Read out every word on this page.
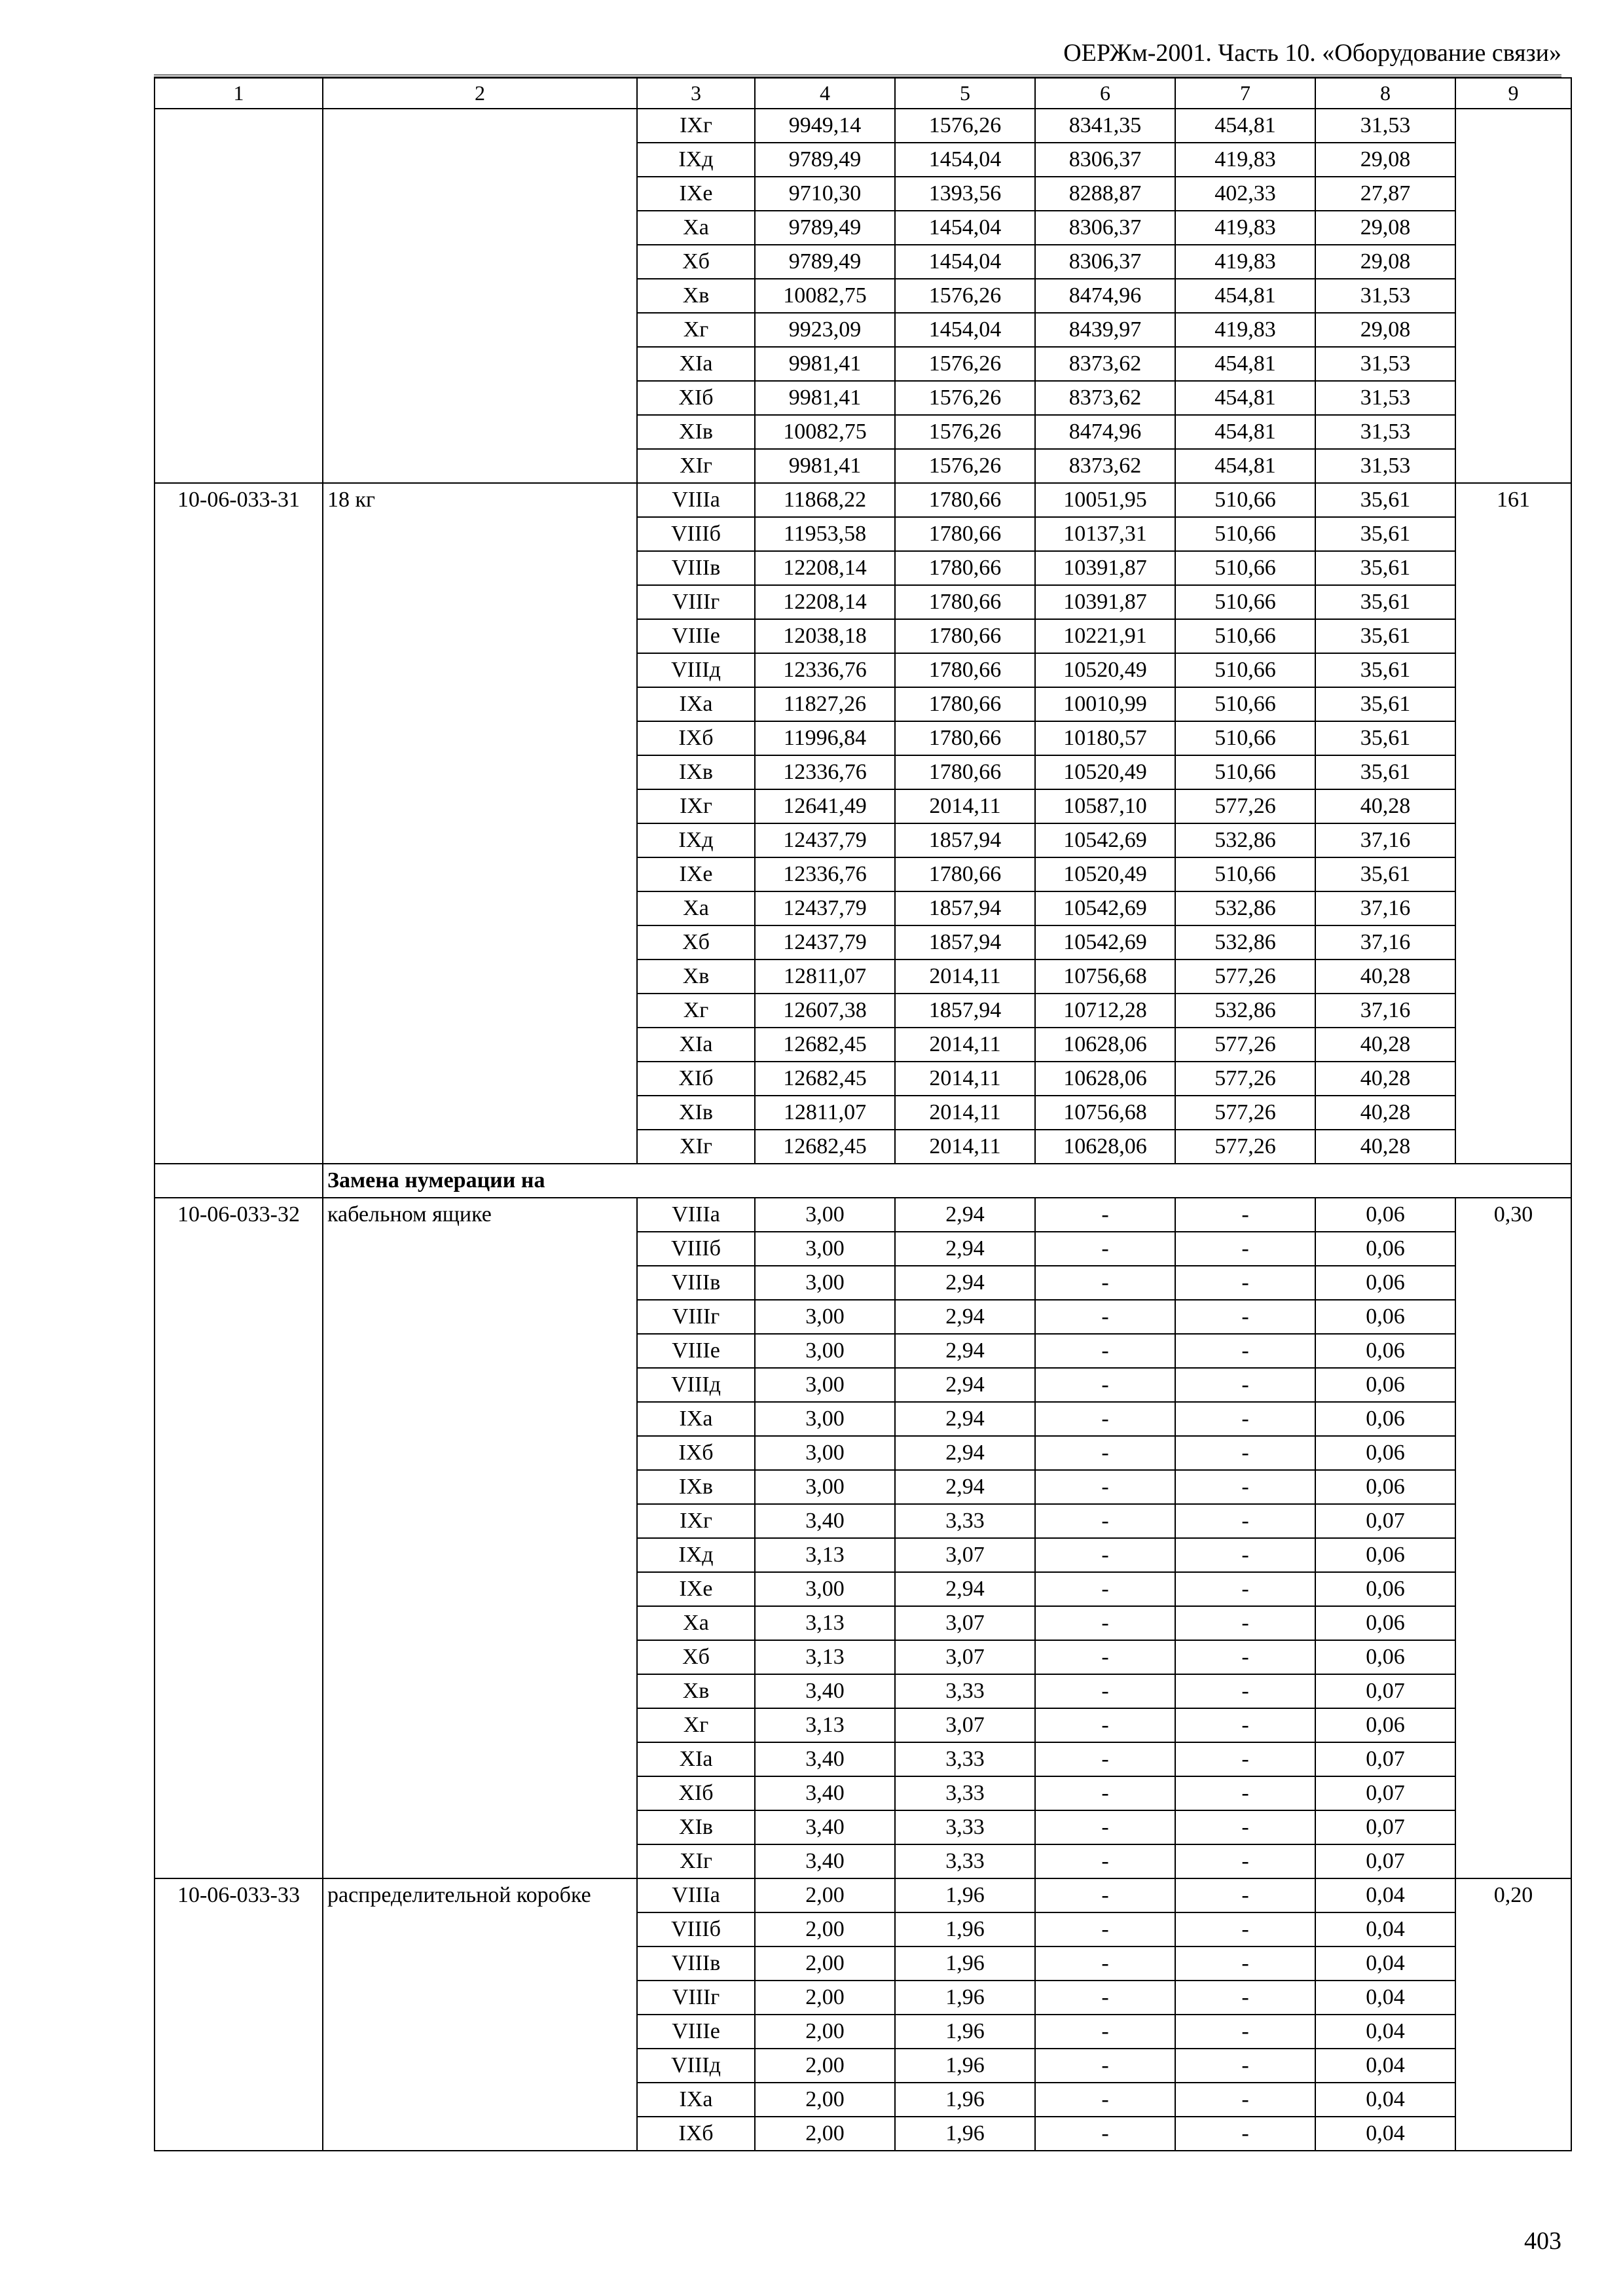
ОЕРЖм-2001. Часть 10. «Оборудование связи»
1	2	3	4	5	6	7	8	9
		IXг	9949,14	1576,26	8341,35	454,81	31,53	
		IXд	9789,49	1454,04	8306,37	419,83	29,08	
		IXе	9710,30	1393,56	8288,87	402,33	27,87	
		Xа	9789,49	1454,04	8306,37	419,83	29,08	
		Xб	9789,49	1454,04	8306,37	419,83	29,08	
		Xв	10082,75	1576,26	8474,96	454,81	31,53	
		Xг	9923,09	1454,04	8439,97	419,83	29,08	
		XIа	9981,41	1576,26	8373,62	454,81	31,53	
		XIб	9981,41	1576,26	8373,62	454,81	31,53	
		XIв	10082,75	1576,26	8474,96	454,81	31,53	
		XIг	9981,41	1576,26	8373,62	454,81	31,53	
10-06-033-31	18 кг	VIIIа	11868,22	1780,66	10051,95	510,66	35,61	161
		VIIIб	11953,58	1780,66	10137,31	510,66	35,61	
		VIIIв	12208,14	1780,66	10391,87	510,66	35,61	
		VIIIг	12208,14	1780,66	10391,87	510,66	35,61	
		VIIIе	12038,18	1780,66	10221,91	510,66	35,61	
		VIIIд	12336,76	1780,66	10520,49	510,66	35,61	
		IXа	11827,26	1780,66	10010,99	510,66	35,61	
		IXб	11996,84	1780,66	10180,57	510,66	35,61	
		IXв	12336,76	1780,66	10520,49	510,66	35,61	
		IXг	12641,49	2014,11	10587,10	577,26	40,28	
		IXд	12437,79	1857,94	10542,69	532,86	37,16	
		IXе	12336,76	1780,66	10520,49	510,66	35,61	
		Xа	12437,79	1857,94	10542,69	532,86	37,16	
		Xб	12437,79	1857,94	10542,69	532,86	37,16	
		Xв	12811,07	2014,11	10756,68	577,26	40,28	
		Xг	12607,38	1857,94	10712,28	532,86	37,16	
		XIа	12682,45	2014,11	10628,06	577,26	40,28	
		XIб	12682,45	2014,11	10628,06	577,26	40,28	
		XIв	12811,07	2014,11	10756,68	577,26	40,28	
		XIг	12682,45	2014,11	10628,06	577,26	40,28	
	Замена нумерации на							
10-06-033-32	кабельном ящике	VIIIа	3,00	2,94	-	-	0,06	0,30
		VIIIб	3,00	2,94	-	-	0,06	
		VIIIв	3,00	2,94	-	-	0,06	
		VIIIг	3,00	2,94	-	-	0,06	
		VIIIе	3,00	2,94	-	-	0,06	
		VIIIд	3,00	2,94	-	-	0,06	
		IXа	3,00	2,94	-	-	0,06	
		IXб	3,00	2,94	-	-	0,06	
		IXв	3,00	2,94	-	-	0,06	
		IXг	3,40	3,33	-	-	0,07	
		IXд	3,13	3,07	-	-	0,06	
		IXе	3,00	2,94	-	-	0,06	
		Xа	3,13	3,07	-	-	0,06	
		Xб	3,13	3,07	-	-	0,06	
		Xв	3,40	3,33	-	-	0,07	
		Xг	3,13	3,07	-	-	0,06	
		XIа	3,40	3,33	-	-	0,07	
		XIб	3,40	3,33	-	-	0,07	
		XIв	3,40	3,33	-	-	0,07	
		XIг	3,40	3,33	-	-	0,07	
10-06-033-33	распределительной коробке	VIIIа	2,00	1,96	-	-	0,04	0,20
		VIIIб	2,00	1,96	-	-	0,04	
		VIIIв	2,00	1,96	-	-	0,04	
		VIIIг	2,00	1,96	-	-	0,04	
		VIIIе	2,00	1,96	-	-	0,04	
		VIIIд	2,00	1,96	-	-	0,04	
		IXа	2,00	1,96	-	-	0,04	
		IXб	2,00	1,96	-	-	0,04	
403
